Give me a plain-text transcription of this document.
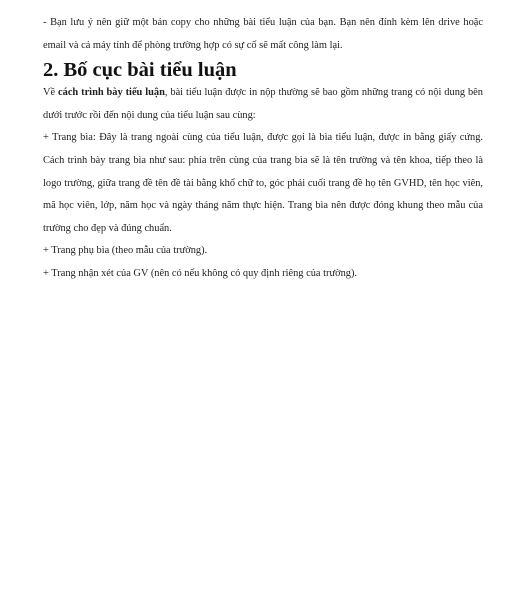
- Bạn lưu ý nên giữ một bản copy cho những bài tiểu luận của bạn. Bạn nên đính kèm lên drive hoặc email và cả máy tính để phòng trường hợp có sự cố sẽ mất công làm lại.

2. Bố cục bài tiểu luận

Về cách trình bày tiểu luận, bài tiểu luận được in nộp thường sẽ bao gồm những trang có nội dung bên dưới trước rồi đến nội dung của tiểu luận sau cùng:

+ Trang bìa: Đây là trang ngoài cùng của tiểu luận, được gọi là bìa tiểu luận, được in bằng giấy cứng. Cách trình bày trang bìa như sau: phía trên cùng của trang bìa sẽ là tên trường và tên khoa, tiếp theo là logo trường, giữa trang đề tên đề tài bằng khổ chữ to, góc phải cuối trang đề họ tên GVHD, tên học viên, mã học viên, lớp, năm học và ngày tháng năm thực hiện. Trang bìa nên được đóng khung theo mẫu của trường cho đẹp và đúng chuẩn.

+ Trang phụ bìa (theo mẫu của trường).

+ Trang nhận xét của GV (nên có nếu không có quy định riêng của trường).
